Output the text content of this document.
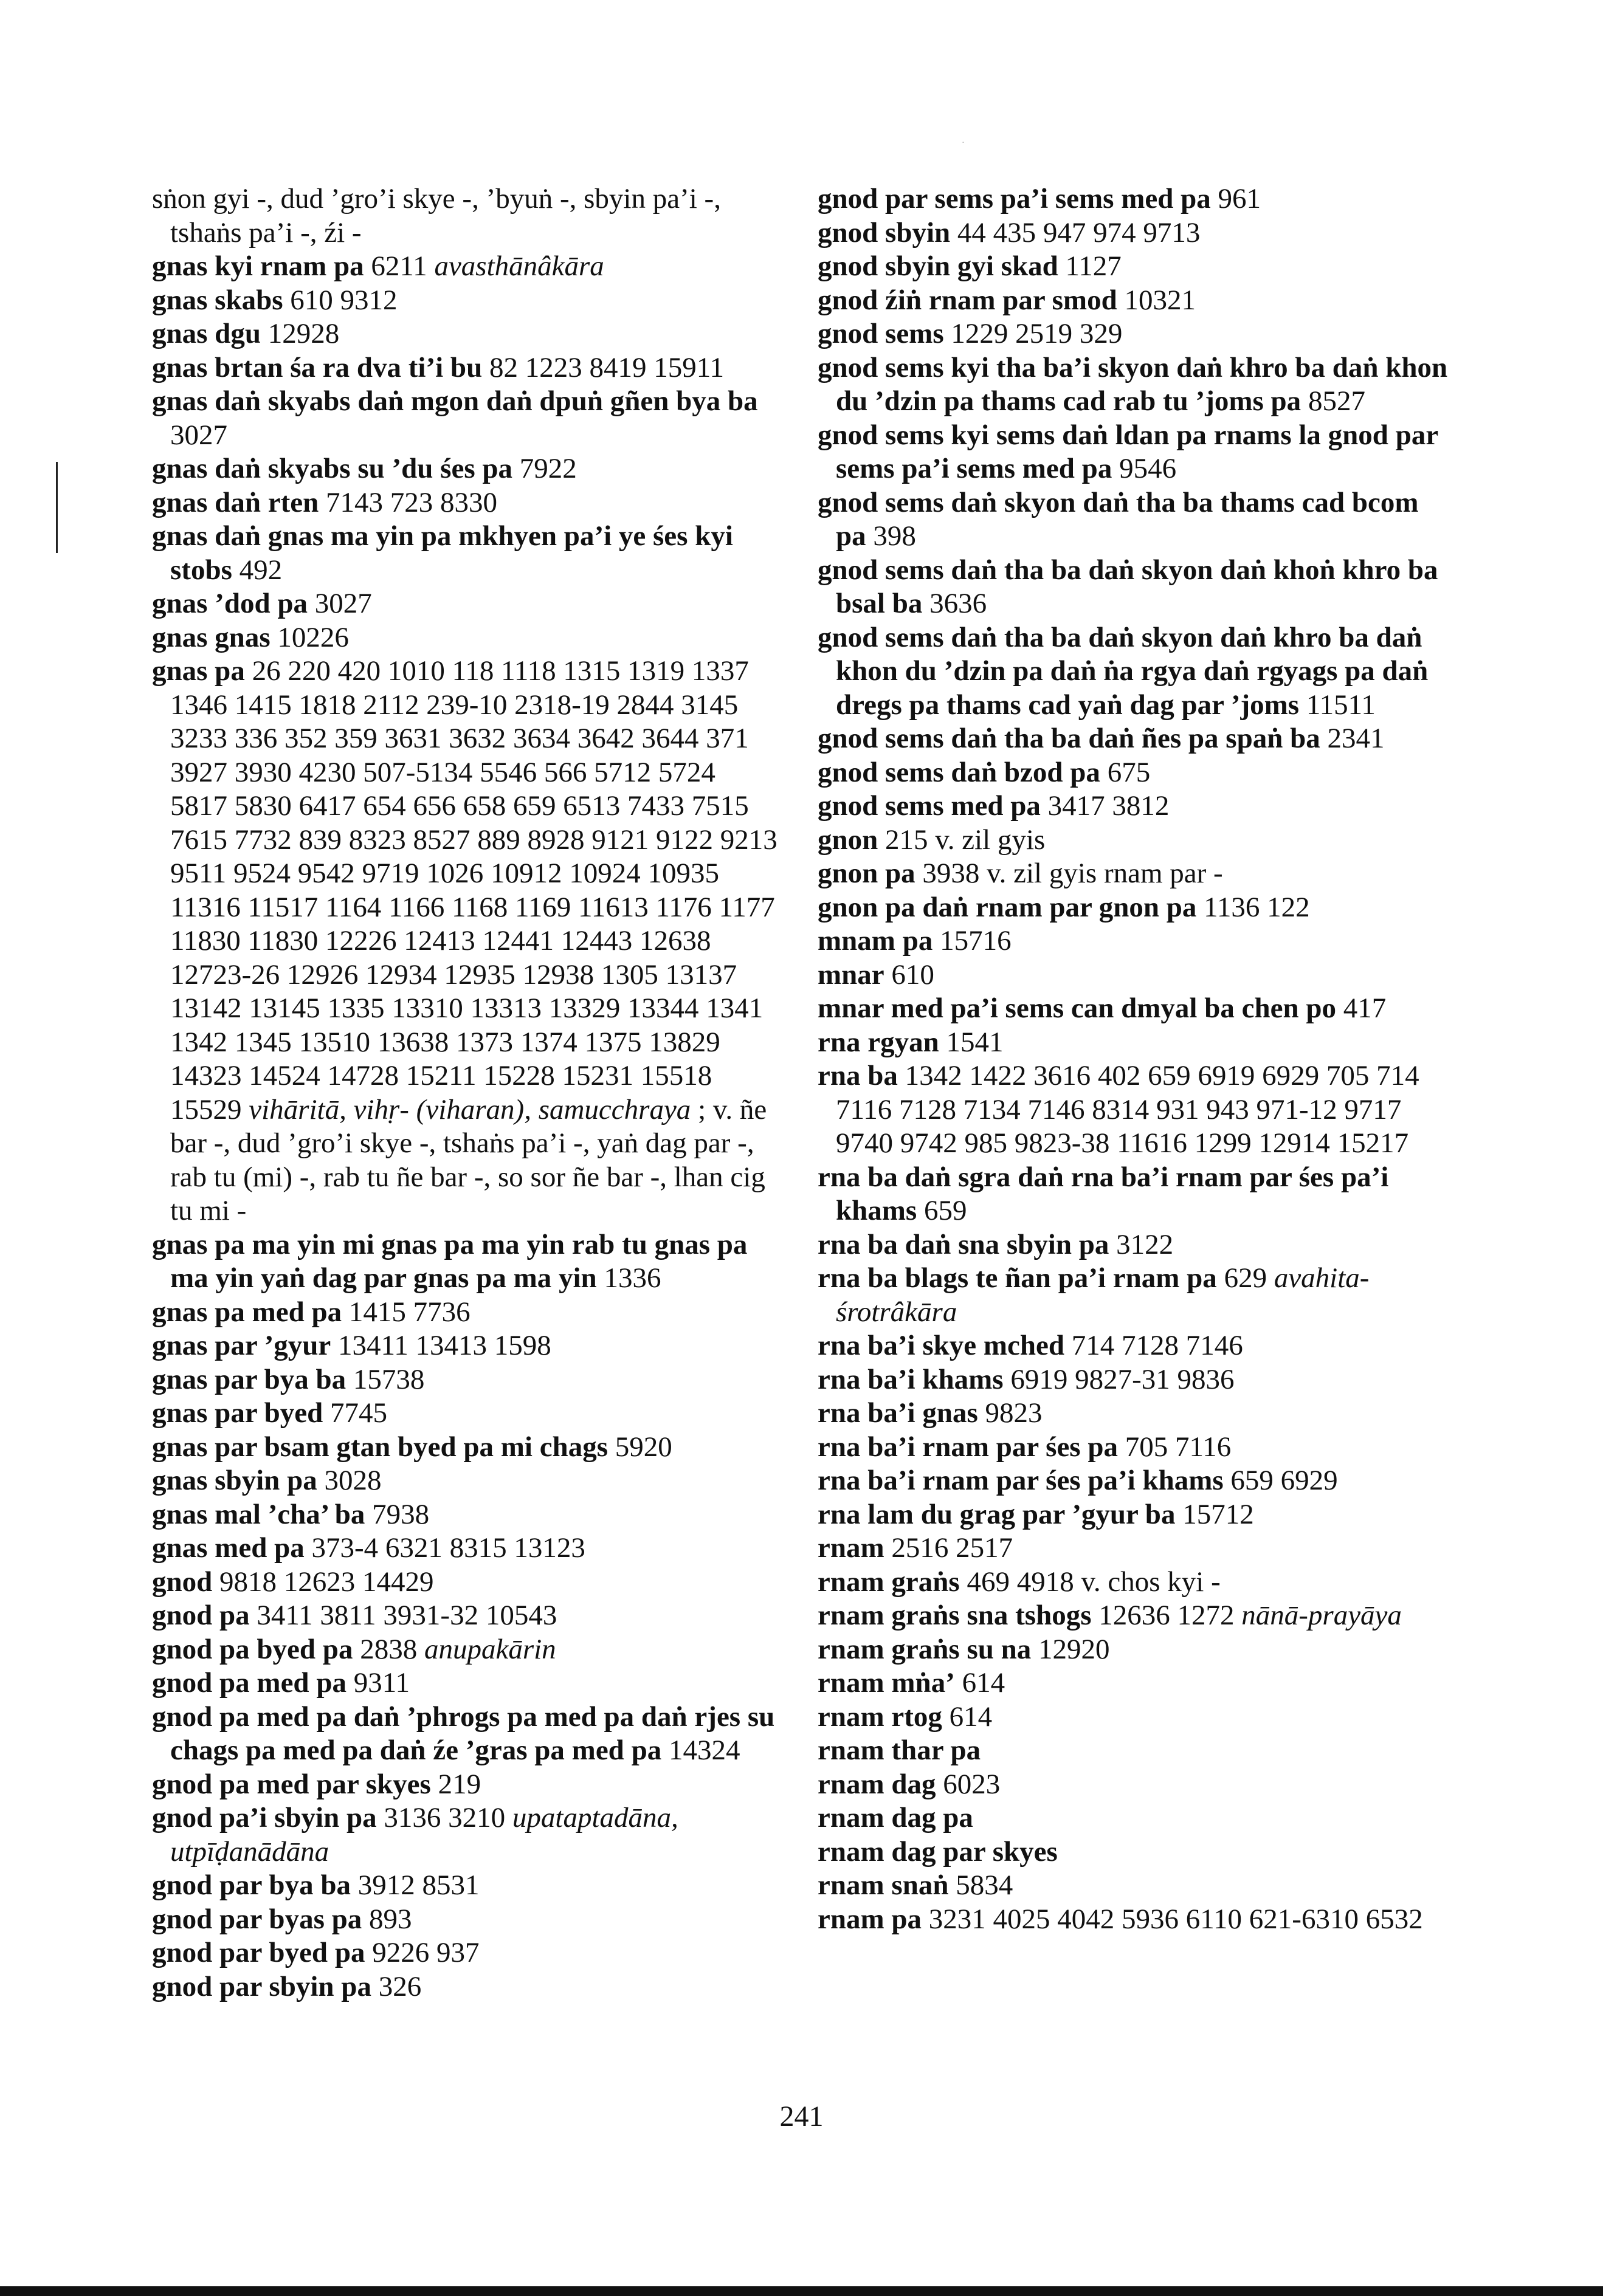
·

sṅon gyi -, dud ’gro’i skye -, ’byuṅ -, sbyin pa’i -, tshaṅs pa’i -, źi -

gnas kyi rnam pa 6211 avasthānâkāra

gnas skabs 610 9312

gnas dgu 12928

gnas brtan śa ra dva ti’i bu 82 1223 8419 15911

gnas daṅ skyabs daṅ mgon daṅ dpuṅ gñen bya ba 3027

gnas daṅ skyabs su ’du śes pa 7922

gnas daṅ rten 7143 723 8330

gnas daṅ gnas ma yin pa mkhyen pa’i ye śes kyi stobs 492

gnas ’dod pa 3027

gnas gnas 10226

gnas pa 26 220 420 1010 118 1118 1315 1319 1337 1346 1415 1818 2112 239-10 2318-19 2844 3145 3233 336 352 359 3631 3632 3634 3642 3644 371 3927 3930 4230 507-5134 5546 566 5712 5724 5817 5830 6417 654 656 658 659 6513 7433 7515 7615 7732 839 8323 8527 889 8928 9121 9122 9213 9511 9524 9542 9719 1026 10912 10924 10935 11316 11517 1164 1166 1168 1169 11613 1176 1177 11830 11830 12226 12413 12441 12443 12638 12723-26 12926 12934 12935 12938 1305 13137 13142 13145 1335 13310 13313 13329 13344 1341 1342 1345 13510 13638 1373 1374 1375 13829 14323 14524 14728 15211 15228 15231 15518 15529 vihāritā, vihṛ- (viharan), samucchraya ; v. ñe bar -, dud ’gro’i skye -, tshaṅs pa’i -, yaṅ dag par -, rab tu (mi) -, rab tu ñe bar -, so sor ñe bar -, lhan cig tu mi -

gnas pa ma yin mi gnas pa ma yin rab tu gnas pa ma yin yaṅ dag par gnas pa ma yin 1336

gnas pa med pa 1415 7736

gnas par ’gyur 13411 13413 1598

gnas par bya ba 15738

gnas par byed 7745

gnas par bsam gtan byed pa mi chags 5920

gnas sbyin pa 3028

gnas mal ’cha’ ba 7938

gnas med pa 373-4 6321 8315 13123

gnod 9818 12623 14429

gnod pa 3411 3811 3931-32 10543

gnod pa byed pa 2838 anupakārin

gnod pa med pa 9311

gnod pa med pa daṅ ’phrogs pa med pa daṅ rjes su chags pa med pa daṅ źe ’gras pa med pa 14324

gnod pa med par skyes 219

gnod pa’i sbyin pa 3136 3210 upataptadāna, utpīḍanādāna

gnod par bya ba 3912 8531

gnod par byas pa 893

gnod par byed pa 9226 937

gnod par sbyin pa 326

gnod par sems pa’i sems med pa 961

gnod sbyin 44 435 947 974 9713

gnod sbyin gyi skad 1127

gnod źiṅ rnam par smod 10321

gnod sems 1229 2519 329

gnod sems kyi tha ba’i skyon daṅ khro ba daṅ khon du ’dzin pa thams cad rab tu ’joms pa 8527

gnod sems kyi sems daṅ ldan pa rnams la gnod par sems pa’i sems med pa 9546

gnod sems daṅ skyon daṅ tha ba thams cad bcom pa 398

gnod sems daṅ tha ba daṅ skyon daṅ khoṅ khro ba bsal ba 3636

gnod sems daṅ tha ba daṅ skyon daṅ khro ba daṅ khon du ’dzin pa daṅ ṅa rgya daṅ rgyags pa daṅ dregs pa thams cad yaṅ dag par ’joms 11511

gnod sems daṅ tha ba daṅ ñes pa spaṅ ba 2341

gnod sems daṅ bzod pa 675

gnod sems med pa 3417 3812

gnon 215 v. zil gyis

gnon pa 3938 v. zil gyis rnam par -

gnon pa daṅ rnam par gnon pa 1136 122

mnam pa 15716

mnar 610

mnar med pa’i sems can dmyal ba chen po 417

rna rgyan 1541

rna ba 1342 1422 3616 402 659 6919 6929 705 714 7116 7128 7134 7146 8314 931 943 971-12 9717 9740 9742 985 9823-38 11616 1299 12914 15217

rna ba daṅ sgra daṅ rna ba’i rnam par śes pa’i khams 659

rna ba daṅ sna sbyin pa 3122

rna ba blags te ñan pa’i rnam pa 629 avahita-śrotrâkāra

rna ba’i skye mched 714 7128 7146

rna ba’i khams 6919 9827-31 9836

rna ba’i gnas 9823

rna ba’i rnam par śes pa 705 7116

rna ba’i rnam par śes pa’i khams 659 6929

rna lam du grag par ’gyur ba 15712

rnam 2516 2517

rnam graṅs 469 4918 v. chos kyi -

rnam graṅs sna tshogs 12636 1272 nānā-prayāya

rnam graṅs su na 12920

rnam mṅa’ 614

rnam rtog 614

rnam thar pa

rnam dag 6023

rnam dag pa

rnam dag par skyes

rnam snaṅ 5834

rnam pa 3231 4025 4042 5936 6110 621-6310 6532

241
